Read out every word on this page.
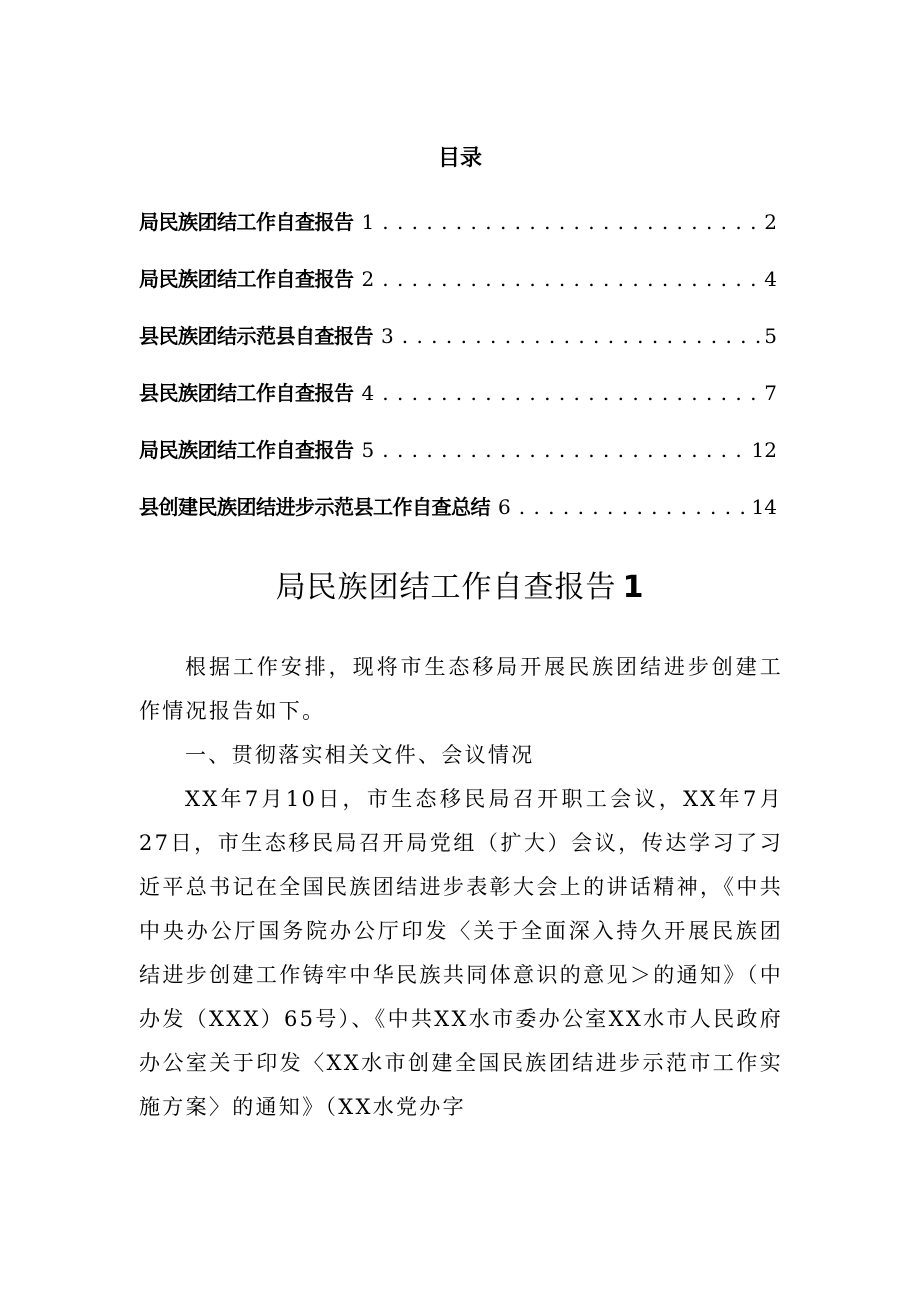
目录
局民族团结工作自查报告 1 . . .	2
局民族团结工作自查报告 2 . . .	4
县民族团结示范县自查报告 3 . . .	5
县民族团结工作自查报告 4 . . .	7
局民族团结工作自查报告 5 . . .	12
县创建民族团结进步示范县工作自查总结 6 . . .	14
局民族团结工作自查报告 1

根据工作安排，现将市生态移局开展民族团结进步创建工作情况报告如下。

一、贯彻落实相关文件、会议情况

XX年7月10日，市生态移民局召开职工会议，XX年7月27日，市生态移民局召开局党组（扩大）会议，传达学习了习近平总书记在全国民族团结进步表彰大会上的讲话精神，《中共中央办公厅国务院办公厅印发〈关于全面深入持久开展民族团结进步创建工作铸牢中华民族共同体意识的意见＞的通知》（中办发（XXX）65号）、《中共XX水市委办公室XX水市人民政府办公室关于印发〈XX水市创建全国民族团结进步示范市工作实施方案〉的通知》（XX水党办字
